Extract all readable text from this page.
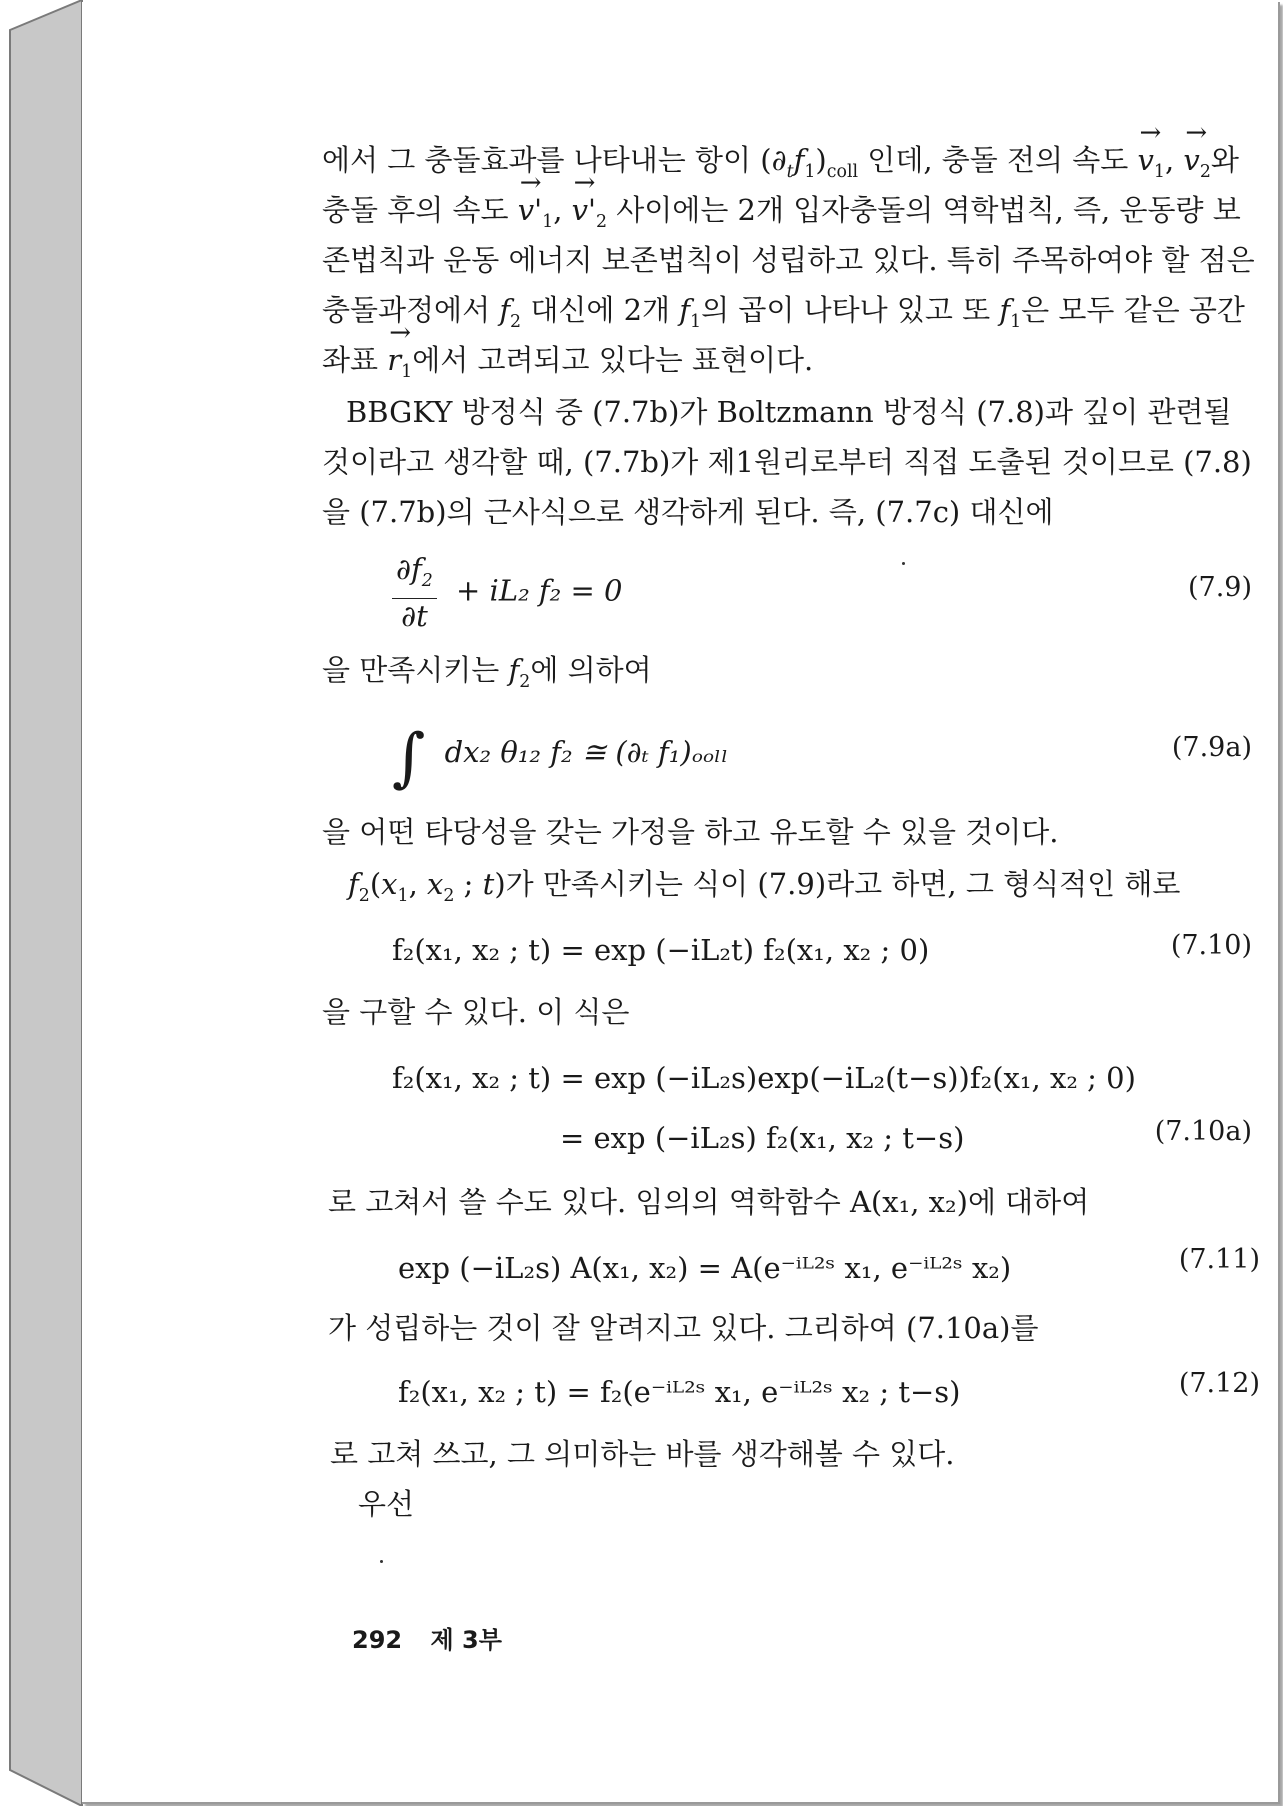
에서 그 충돌효과를 나타내는 항이 $(\partial_tf_1)_{coll}$ 인데, 충돌 전의 속도 → $v_1$, → $v_2$와
충돌 후의 속도 → $v'_1$, → $v'_2$ 사이에는 2개 입자충돌의 역학법칙, 즉, 운동량 보
존법칙과 운동 에너지 보존법칙이 성립하고 있다. 특히 주목하여야 할 점은
충돌과정에서 $f_2$ 대신에 2개 $f_1$의 곱이 나타나 있고 또 $f_1$은 모두 같은 공간
좌표 → $r_1$에서 고려되고 있다는 표현이다.
BBGKY 방정식 중 (7.7b)가 Boltzmann 방정식 (7.8)과 깊이 관련될
것이라고 생각할 때, (7.7b)가 제1원리로부터 직접 도출된 것이므로 (7.8)
을 (7.7b)의 근사식으로 생각하게 된다. 즉, (7.7c) 대신에
$\frac{\partial f_2}{\partial t} + iL_2$ f₂ = 0	(7.9)
을 만족시키는 $f_2$에 의하여
∫ dx₂ θ₁₂ f₂ ≅ (∂ₜ f₁)ₒₒₗₗ	(7.9a)
을 어떤 타당성을 갖는 가정을 하고 유도할 수 있을 것이다.
$f_2(x_1$, $x_2$ ; t)가 만족시키는 식이 (7.9)라고 하면, 그 형식적인 해로
f₂(x₁, x₂ ; t) = exp (−iL₂t) f₂(x₁, x₂ ; 0)	(7.10)
을 구할 수 있다. 이 식은
f₂(x₁, x₂ ; t) = exp (−iL₂s)exp(−iL₂(t−s))f₂(x₁, x₂ ; 0)
= exp (−iL₂s) f₂(x₁, x₂ ; t−s)	(7.10a)
로 고쳐서 쓸 수도 있다. 임의의 역학함수 A(x₁, x₂)에 대하여
exp (−iL₂s) A(x₁, x₂) = A(e⁻ⁱᴸ²ˢ x₁, e⁻ⁱᴸ²ˢ x₂)	(7.11)
가 성립하는 것이 잘 알려지고 있다. 그리하여 (7.10a)를
f₂(x₁, x₂ ; t) = f₂(e⁻ⁱᴸ²ˢ x₁, e⁻ⁱᴸ²ˢ x₂ ; t−s)	(7.12)
로 고쳐 쓰고, 그 의미하는 바를 생각해볼 수 있다.
우선
292 제 3부
